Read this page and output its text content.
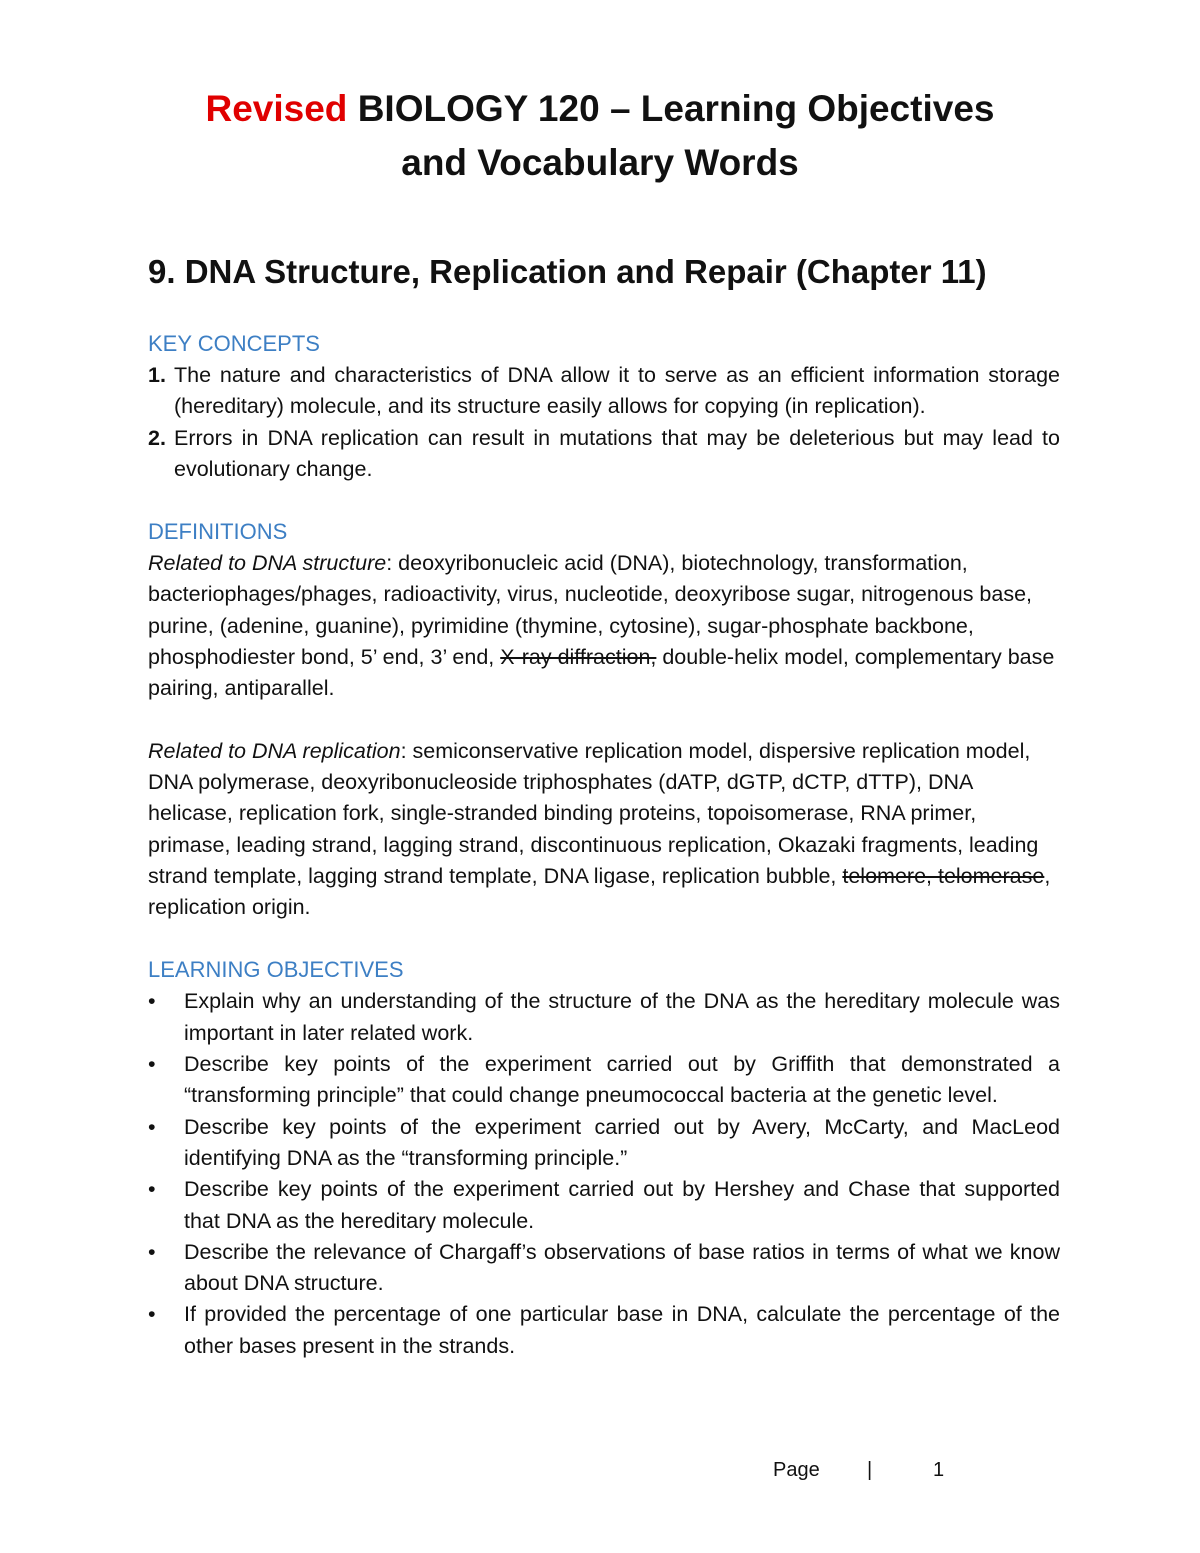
Revised BIOLOGY 120 – Learning Objectives
and Vocabulary Words
9. DNA Structure, Replication and Repair (Chapter 11)
KEY CONCEPTS
1. The nature and characteristics of DNA allow it to serve as an efficient information storage (hereditary) molecule, and its structure easily allows for copying (in replication).
2. Errors in DNA replication can result in mutations that may be deleterious but may lead to evolutionary change.
DEFINITIONS

Related to DNA structure: deoxyribonucleic acid (DNA), biotechnology, transformation, bacteriophages/phages, radioactivity, virus, nucleotide, deoxyribose sugar, nitrogenous base, purine, (adenine, guanine), pyrimidine (thymine, cytosine), sugar-phosphate backbone, phosphodiester bond, 5’ end, 3’ end, X-ray diffraction, double-helix model, complementary base pairing, antiparallel.

Related to DNA replication: semiconservative replication model, dispersive replication model, DNA polymerase, deoxyribonucleoside triphosphates (dATP, dGTP, dCTP, dTTP), DNA helicase, replication fork, single-stranded binding proteins, topoisomerase, RNA primer, primase, leading strand, lagging strand, discontinuous replication, Okazaki fragments, leading strand template, lagging strand template, DNA ligase, replication bubble, telomere, telomerase, replication origin.

LEARNING OBJECTIVES
• Explain why an understanding of the structure of the DNA as the hereditary molecule was important in later related work.
• Describe key points of the experiment carried out by Griffith that demonstrated a “transforming principle” that could change pneumococcal bacteria at the genetic level.
• Describe key points of the experiment carried out by Avery, McCarty, and MacLeod identifying DNA as the “transforming principle.”
• Describe key points of the experiment carried out by Hershey and Chase that supported that DNA as the hereditary molecule.
• Describe the relevance of Chargaff’s observations of base ratios in terms of what we know about DNA structure.
• If provided the percentage of one particular base in DNA, calculate the percentage of the other bases present in the strands.
Page |	1
